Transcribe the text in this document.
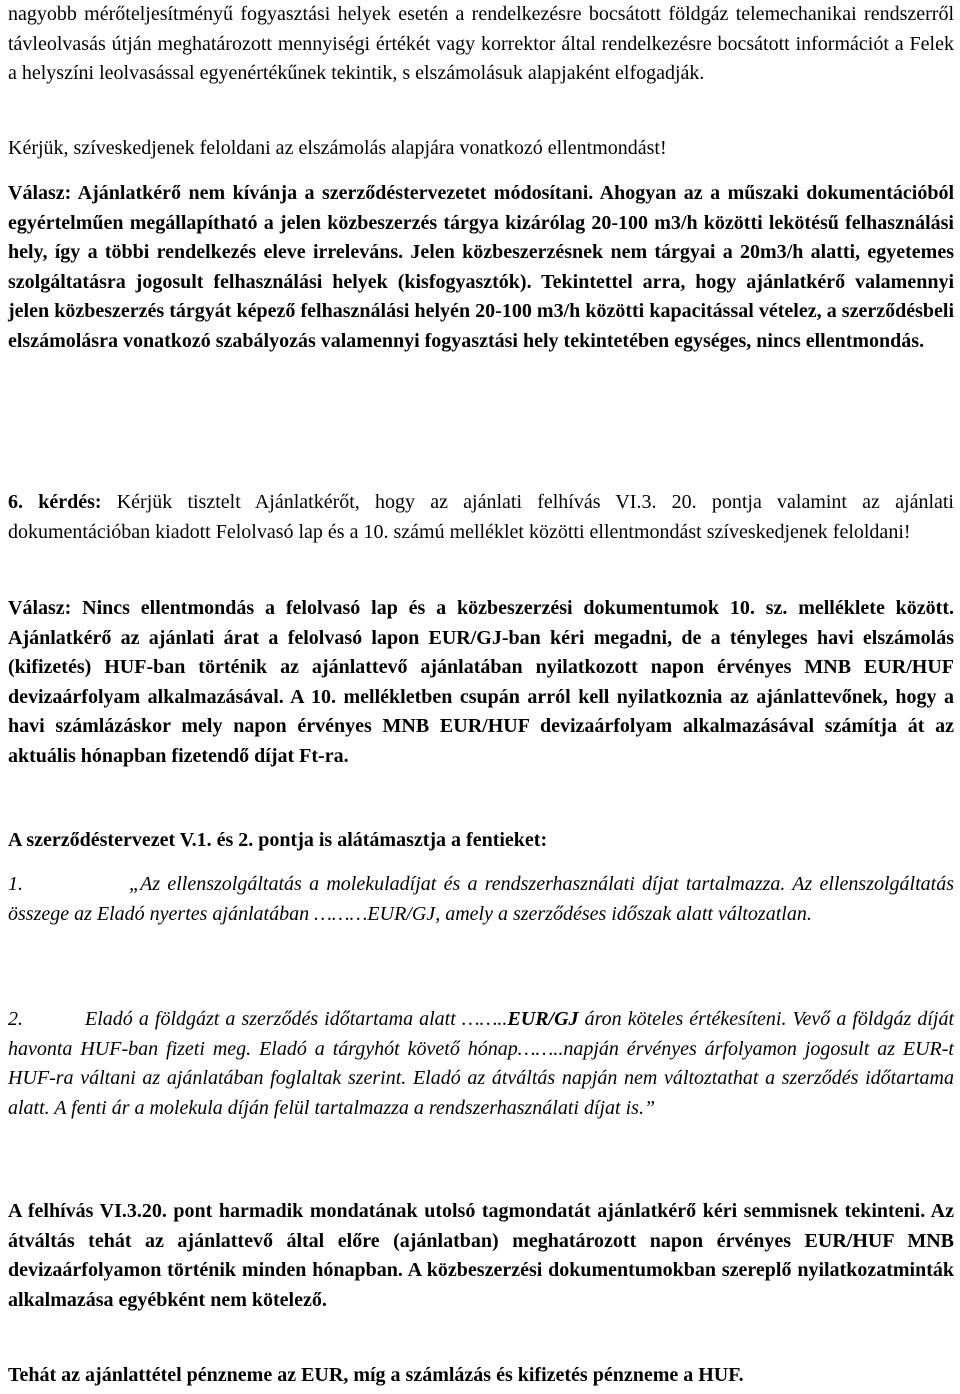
nagyobb mérőteljesítményű fogyasztási helyek esetén a rendelkezésre bocsátott földgáz telemechanikai rendszerről távleolvasás útján meghatározott mennyiségi értékét vagy korrektor által rendelkezésre bocsátott információt a Felek a helyszíni leolvasással egyenértékűnek tekintik, s elszámolásuk alapjaként elfogadják.

Kérjük, szíveskedjenek feloldani az elszámolás alapjára vonatkozó ellentmondást!

Válasz: Ajánlatkérő nem kívánja a szerződéstervezetet módosítani. Ahogyan az a műszaki dokumentációból egyértelműen megállapítható a jelen közbeszerzés tárgya kizárólag 20-100 m3/h közötti lekötésű felhasználási hely, így a többi rendelkezés eleve irreleváns. Jelen közbeszerzésnek nem tárgyai a 20m3/h alatti, egyetemes szolgáltatásra jogosult felhasználási helyek (kisfogyasztók). Tekintettel arra, hogy ajánlatkérő valamennyi jelen közbeszerzés tárgyát képező felhasználási helyén 20-100 m3/h közötti kapacitással vételez, a szerződésbeli elszámolásra vonatkozó szabályozás valamennyi fogyasztási hely tekintetében egységes, nincs ellentmondás.

6. kérdés: Kérjük tisztelt Ajánlatkérőt, hogy az ajánlati felhívás VI.3. 20. pontja valamint az ajánlati dokumentációban kiadott Felolvasó lap és a 10. számú melléklet közötti ellentmondást szíveskedjenek feloldani!

Válasz: Nincs ellentmondás a felolvasó lap és a közbeszerzési dokumentumok 10. sz. melléklete között. Ajánlatkérő az ajánlati árat a felolvasó lapon EUR/GJ-ban kéri megadni, de a tényleges havi elszámolás (kifizetés) HUF-ban történik az ajánlattevő ajánlatában nyilatkozott napon érvényes MNB EUR/HUF devizaárfolyam alkalmazásával. A 10. mellékletben csupán arról kell nyilatkoznia az ajánlattevőnek, hogy a havi számlázáskor mely napon érvényes MNB EUR/HUF devizaárfolyam alkalmazásával számítja át az aktuális hónapban fizetendő díjat Ft-ra.

A szerződéstervezet V.1. és 2. pontja is alátámasztja a fentieket:

1.	„Az ellenszolgáltatás a molekuladíjat és a rendszerhasználati díjat tartalmazza. Az ellenszolgáltatás összege az Eladó nyertes ajánlatában ………EUR/GJ, amely a szerződéses időszak alatt változatlan.

2.	Eladó a földgázt a szerződés időtartama alatt ……..EUR/GJ áron köteles értékesíteni. Vevő a földgáz díját havonta HUF-ban fizeti meg. Eladó a tárgyhót követő hónap……..napján érvényes árfolyamon jogosult az EUR-t HUF-ra váltani az ajánlatában foglaltak szerint. Eladó az átváltás napján nem változtathat a szerződés időtartama alatt. A fenti ár a molekula díján felül tartalmazza a rendszerhasználati díjat is.”

A felhívás VI.3.20. pont harmadik mondatának utolsó tagmondatát ajánlatkérő kéri semmisnek tekinteni. Az átváltás tehát az ajánlattevő által előre (ajánlatban) meghatározott napon érvényes EUR/HUF MNB devizaárfolyamon történik minden hónapban. A közbeszerzési dokumentumokban szereplő nyilatkozatminták alkalmazása egyébként nem kötelező.

Tehát az ajánlattétel pénzneme az EUR, míg a számlázás és kifizetés pénzneme a HUF.
